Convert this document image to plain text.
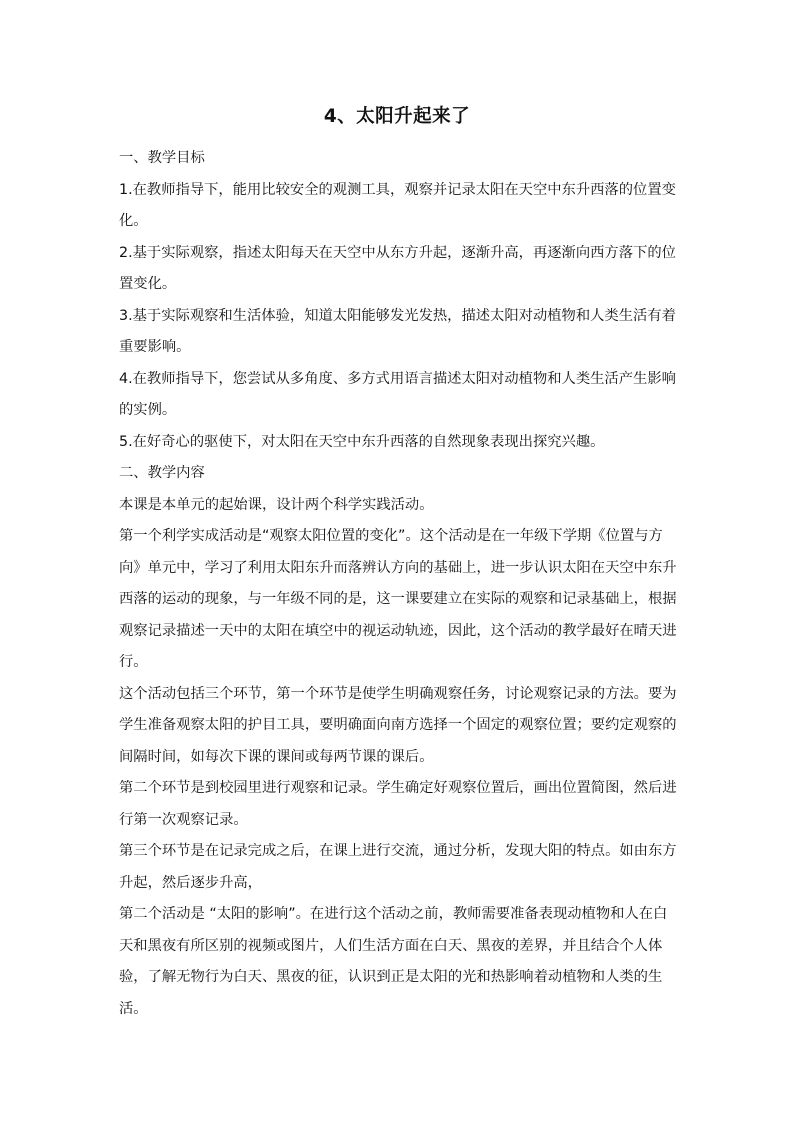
4、太阳升起来了

一、教学目标

1.在教师指导下，能用比较安全的观测工具，观察并记录太阳在天空中东升西落的位置变化。

2.基于实际观察，指述太阳每天在天空中从东方升起，逐渐升高，再逐渐向西方落下的位置变化。

3.基于实际观察和生活体验，知道太阳能够发光发热，描述太阳对动植物和人类生活有着重要影响。

4.在教师指导下，您尝试从多角度、多方式用语言描述太阳对动植物和人类生活产生影响的实例。

5.在好奇心的驱使下，对太阳在天空中东升西落的自然现象表现出探究兴趣。

二、教学内容

本课是本单元的起始课，设计两个科学实践活动。

第一个利学实成活动是“观察太阳位置的变化”。这个活动是在一年级下学期《位置与方向》单元中，学习了利用太阳东升而落辨认方向的基础上，进一步认识太阳在天空中东升西落的运动的现象，与一年级不同的是，这一课要建立在实际的观察和记录基础上，根据观察记录描述一天中的太阳在填空中的视运动轨迹，因此，这个活动的教学最好在晴天进行。

这个活动包括三个环节，第一个环节是使学生明确观察任务，讨论观察记录的方法。要为学生准备观察太阳的护目工具，要明确面向南方选择一个固定的观察位置；要约定观察的间隔时间，如每次下课的课间或每两节课的课后。

第二个环节是到校园里进行观察和记录。学生确定好观察位置后，画出位置简图，然后进行第一次观察记录。

第三个环节是在记录完成之后，在课上进行交流，通过分析，发现大阳的特点。如由东方升起，然后逐步升高，

第二个活动是 “太阳的影响”。在进行这个活动之前，教师需要准备表现动植物和人在白天和黑夜有所区别的视频或图片，人们生活方面在白天、黑夜的差界，并且结合个人体验，了解无物行为白天、黑夜的征，认识到正是太阳的光和热影响着动植物和人类的生活。
